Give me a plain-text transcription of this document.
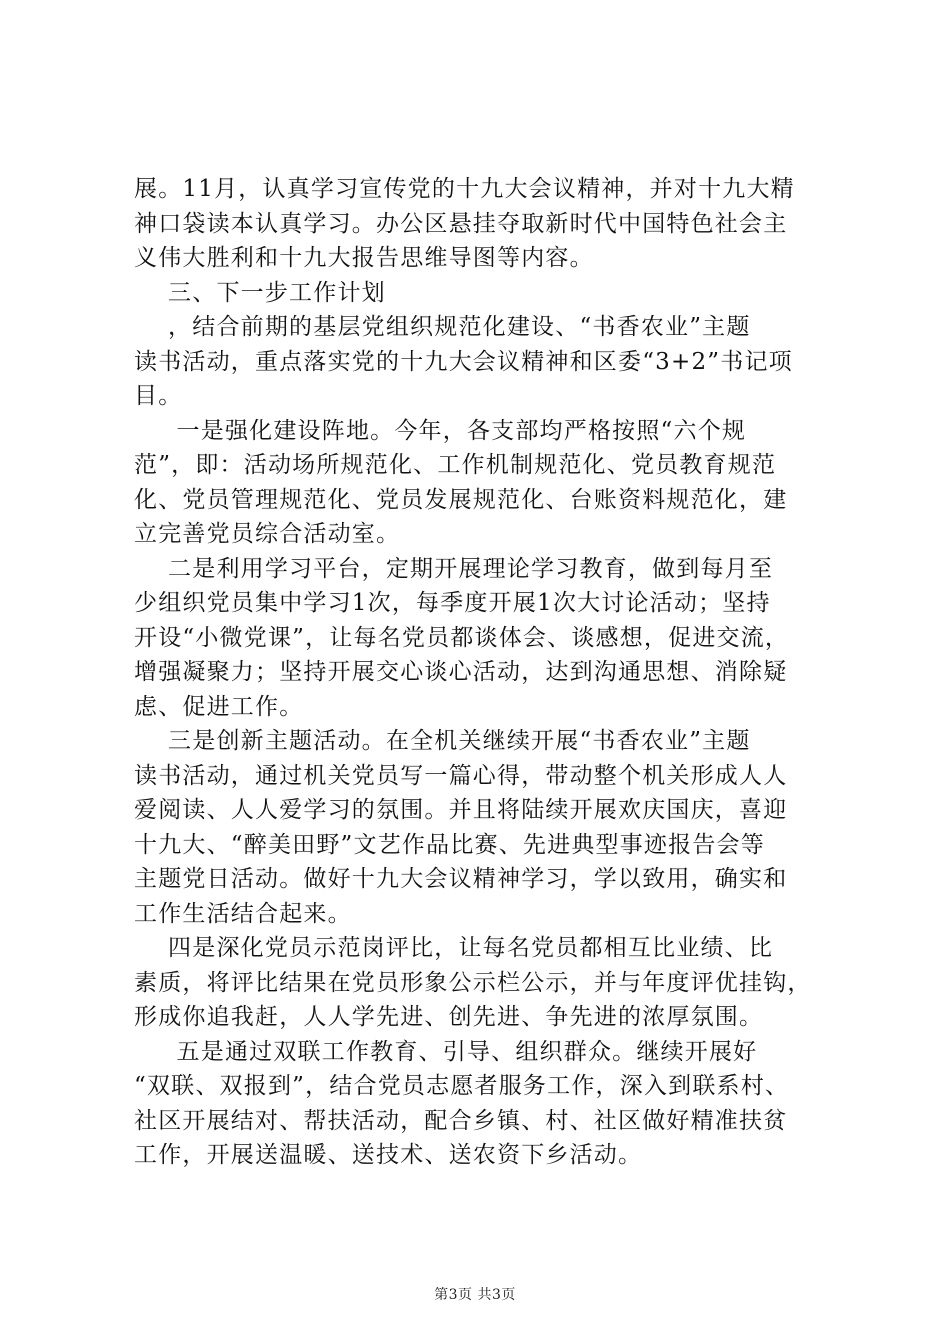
展。11月，认真学习宣传党的十九大会议精神，并对十九大精
神口袋读本认真学习。办公区悬挂夺取新时代中国特色社会主
义伟大胜利和十九大报告思维导图等内容。
三、下一步工作计划
，结合前期的基层党组织规范化建设、“书香农业”主题
读书活动，重点落实党的十九大会议精神和区委“3+2”书记项
目。
一是强化建设阵地。今年，各支部均严格按照“六个规
范”，即：活动场所规范化、工作机制规范化、党员教育规范
化、党员管理规范化、党员发展规范化、台账资料规范化，建
立完善党员综合活动室。
二是利用学习平台，定期开展理论学习教育，做到每月至
少组织党员集中学习1次，每季度开展1次大讨论活动；坚持
开设“小微党课”，让每名党员都谈体会、谈感想，促进交流，
增强凝聚力；坚持开展交心谈心活动，达到沟通思想、消除疑
虑、促进工作。
三是创新主题活动。在全机关继续开展“书香农业”主题
读书活动，通过机关党员写一篇心得，带动整个机关形成人人
爱阅读、人人爱学习的氛围。并且将陆续开展欢庆国庆，喜迎
十九大、“醉美田野”文艺作品比赛、先进典型事迹报告会等
主题党日活动。做好十九大会议精神学习，学以致用，确实和
工作生活结合起来。
四是深化党员示范岗评比，让每名党员都相互比业绩、比
素质，将评比结果在党员形象公示栏公示，并与年度评优挂钩，
形成你追我赶，人人学先进、创先进、争先进的浓厚氛围。
五是通过双联工作教育、引导、组织群众。继续开展好
“双联、双报到”，结合党员志愿者服务工作，深入到联系村、
社区开展结对、帮扶活动，配合乡镇、村、社区做好精准扶贫
工作，开展送温暖、送技术、送农资下乡活动。
第3页 共3页
